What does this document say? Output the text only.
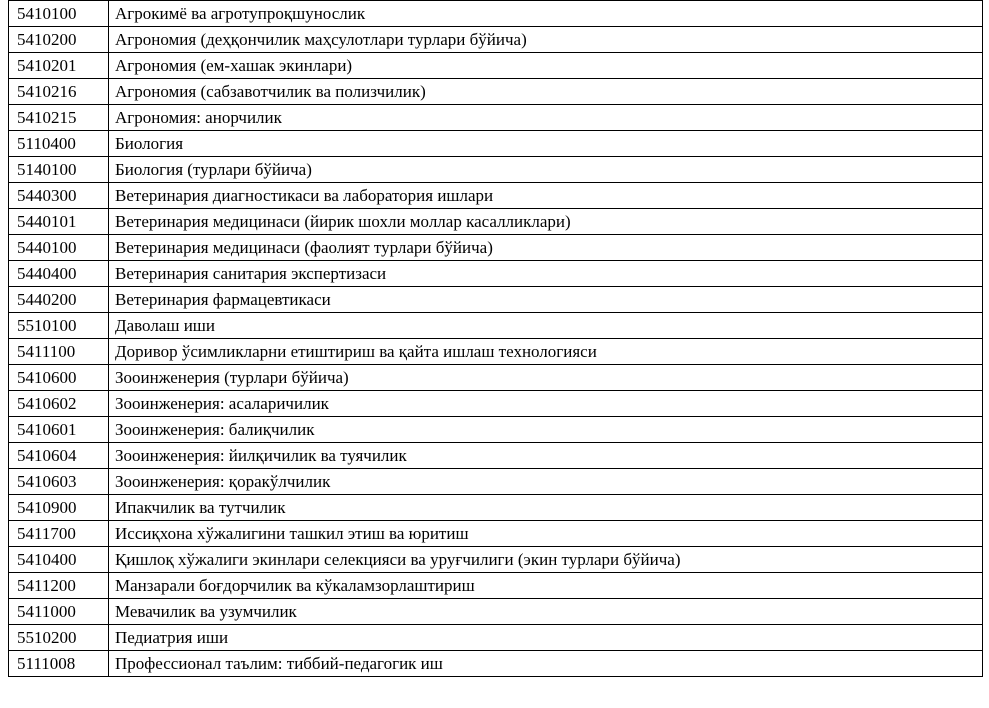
5410100	Агрокимё ва агротупроқшунослик
5410200	Агрономия (деҳқончилик маҳсулотлари турлари бўйича)
5410201	Агрономия (ем-хашак экинлари)
5410216	Агрономия (сабзавотчилик ва полизчилик)
5410215	Агрономия: анорчилик
5110400	Биология
5140100	Биология (турлари бўйича)
5440300	Ветеринария диагностикаси ва лаборатория ишлари
5440101	Ветеринария медицинаси (йирик шохли моллар касалликлари)
5440100	Ветеринария медицинаси (фаолият турлари бўйича)
5440400	Ветеринария санитария экспертизаси
5440200	Ветеринария фармацевтикаси
5510100	Даволаш иши
5411100	Доривор ўсимликларни етиштириш ва қайта ишлаш технологияси
5410600	Зооинженерия (турлари бўйича)
5410602	Зооинженерия: асаларичилик
5410601	Зооинженерия: балиқчилик
5410604	Зооинженерия: йилқичилик ва туячилик
5410603	Зооинженерия: қоракўлчилик
5410900	Ипакчилик ва тутчилик
5411700	Иссиқхона хўжалигини ташкил этиш ва юритиш
5410400	Қишлоқ хўжалиги экинлари селекцияси ва уруғчилиги (экин турлари бўйича)
5411200	Манзарали боғдорчилик ва кўкаламзорлаштириш
5411000	Мевачилик ва узумчилик
5510200	Педиатрия иши
5111008	Профессионал таълим: тиббий-педагогик иш
